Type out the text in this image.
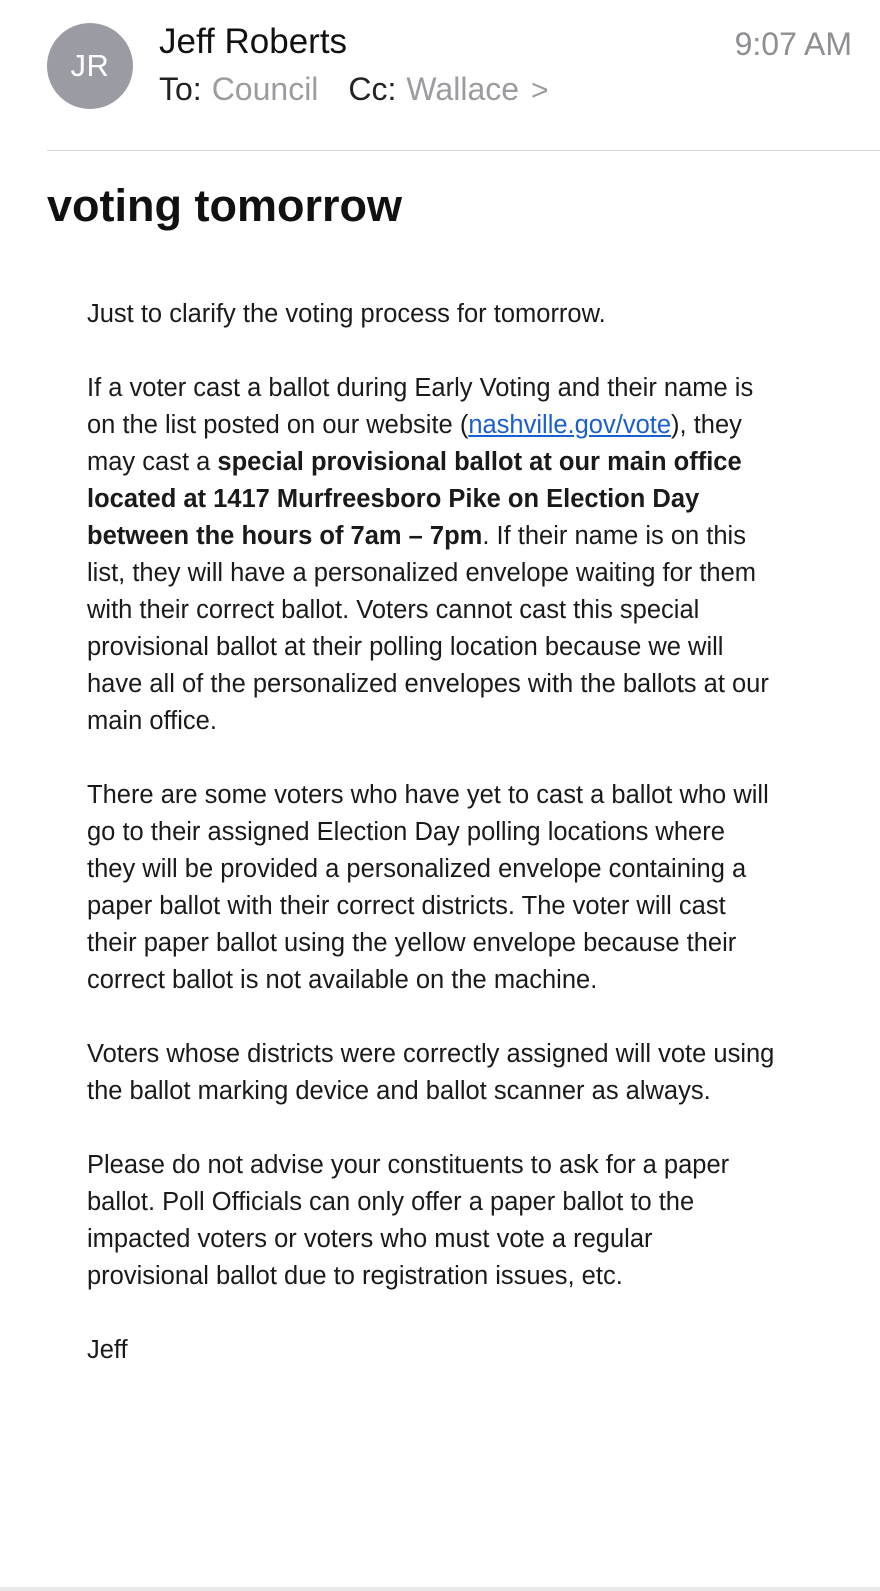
JR
Jeff Roberts	9:07 AM
To: Council Cc: Wallace >
voting tomorrow

Just to clarify the voting process for tomorrow.

If a voter cast a ballot during Early Voting and their name is on the list posted on our website (nashville.gov/vote), they may cast a special provisional ballot at our main office located at 1417 Murfreesboro Pike on Election Day between the hours of 7am – 7pm. If their name is on this list, they will have a personalized envelope waiting for them with their correct ballot. Voters cannot cast this special provisional ballot at their polling location because we will have all of the personalized envelopes with the ballots at our main office.

There are some voters who have yet to cast a ballot who will go to their assigned Election Day polling locations where they will be provided a personalized envelope containing a paper ballot with their correct districts. The voter will cast their paper ballot using the yellow envelope because their correct ballot is not available on the machine.

Voters whose districts were correctly assigned will vote using the ballot marking device and ballot scanner as always.

Please do not advise your constituents to ask for a paper ballot. Poll Officials can only offer a paper ballot to the impacted voters or voters who must vote a regular provisional ballot due to registration issues, etc.

Jeff
